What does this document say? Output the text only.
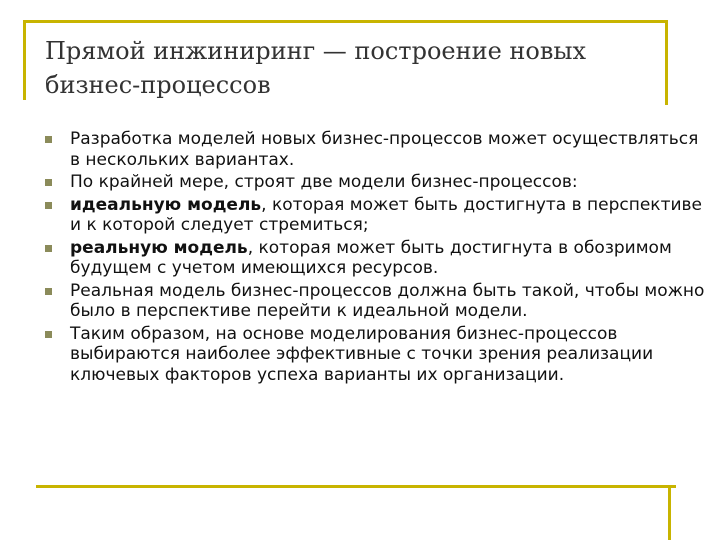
Прямой инжиниринг — построение новых бизнес-процессов
Разработка моделей новых бизнес-процессов может осуществляться в нескольких вариантах.
По крайней мере, строят две модели бизнес-процессов:
идеальную модель, которая может быть достигнута в перспективе и к которой следует стремиться;
реальную модель, которая может быть достигнута в обозримом будущем с учетом имеющихся ресурсов.
Реальная модель бизнес-процессов должна быть такой, чтобы можно было в перспективе перейти к идеальной модели.
Таким образом, на основе моделирования бизнес-процессов выбираются наиболее эффективные с точки зрения реализации ключевых факторов успеха варианты их организации.
